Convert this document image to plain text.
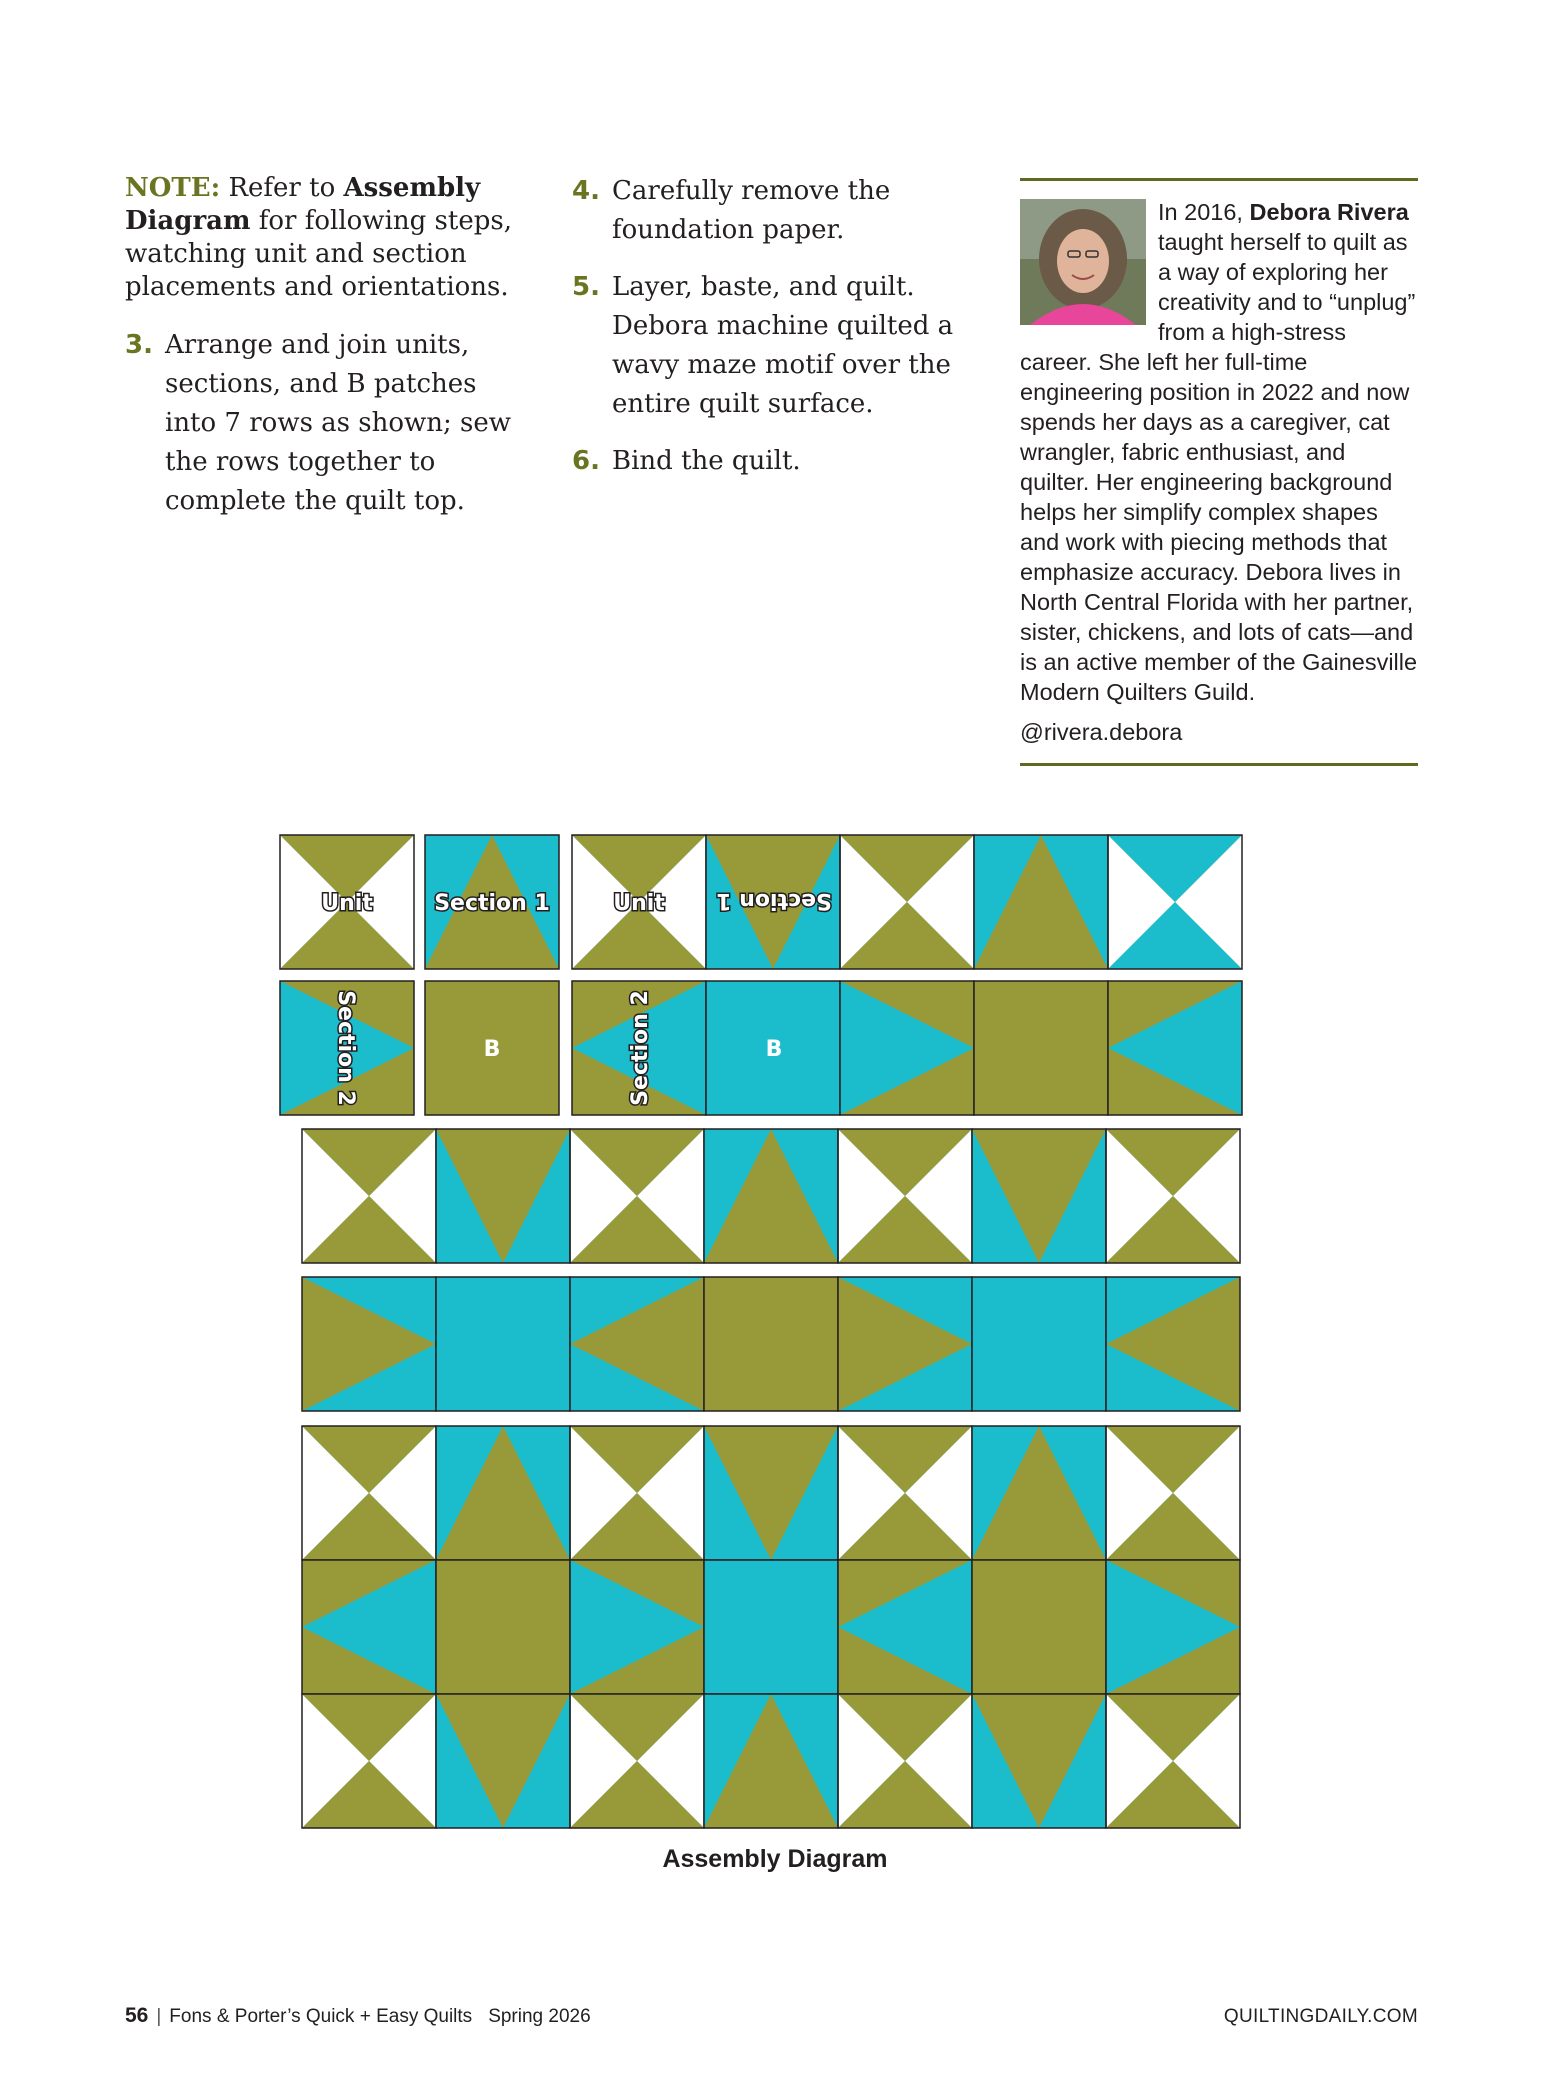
NOTE: Refer to Assembly Diagram for following steps, watching unit and section placements and orientations.

3. Arrange and join units, sections, and B patches into 7 rows as shown; sew the rows together to complete the quilt top.
4. Carefully remove the foundation paper.
5. Layer, baste, and quilt. Debora machine quilted a wavy maze motif over the entire quilt surface.
6. Bind the quilt.
In 2016, Debora Rivera taught herself to quilt as a way of exploring her creativity and to “unplug” from a high-stress career. She left her full-time engineering position in 2022 and now spends her days as a caregiver, cat wrangler, fabric enthusiast, and quilter. Her engineering background helps her simplify complex shapes and work with piecing methods that emphasize accuracy. Debora lives in North Central Florida with her partner, sister, chickens, and lots of cats—and is an active member of the Gainesville Modern Quilters Guild.
@rivera.debora
Unit	Section 1	Unit Section 1
Section 2	B	Section 2	B
Assembly Diagram
56 | Fons & Porter’s Quick + Easy Quilts Spring 2026	QUILTINGDAILY.COM
